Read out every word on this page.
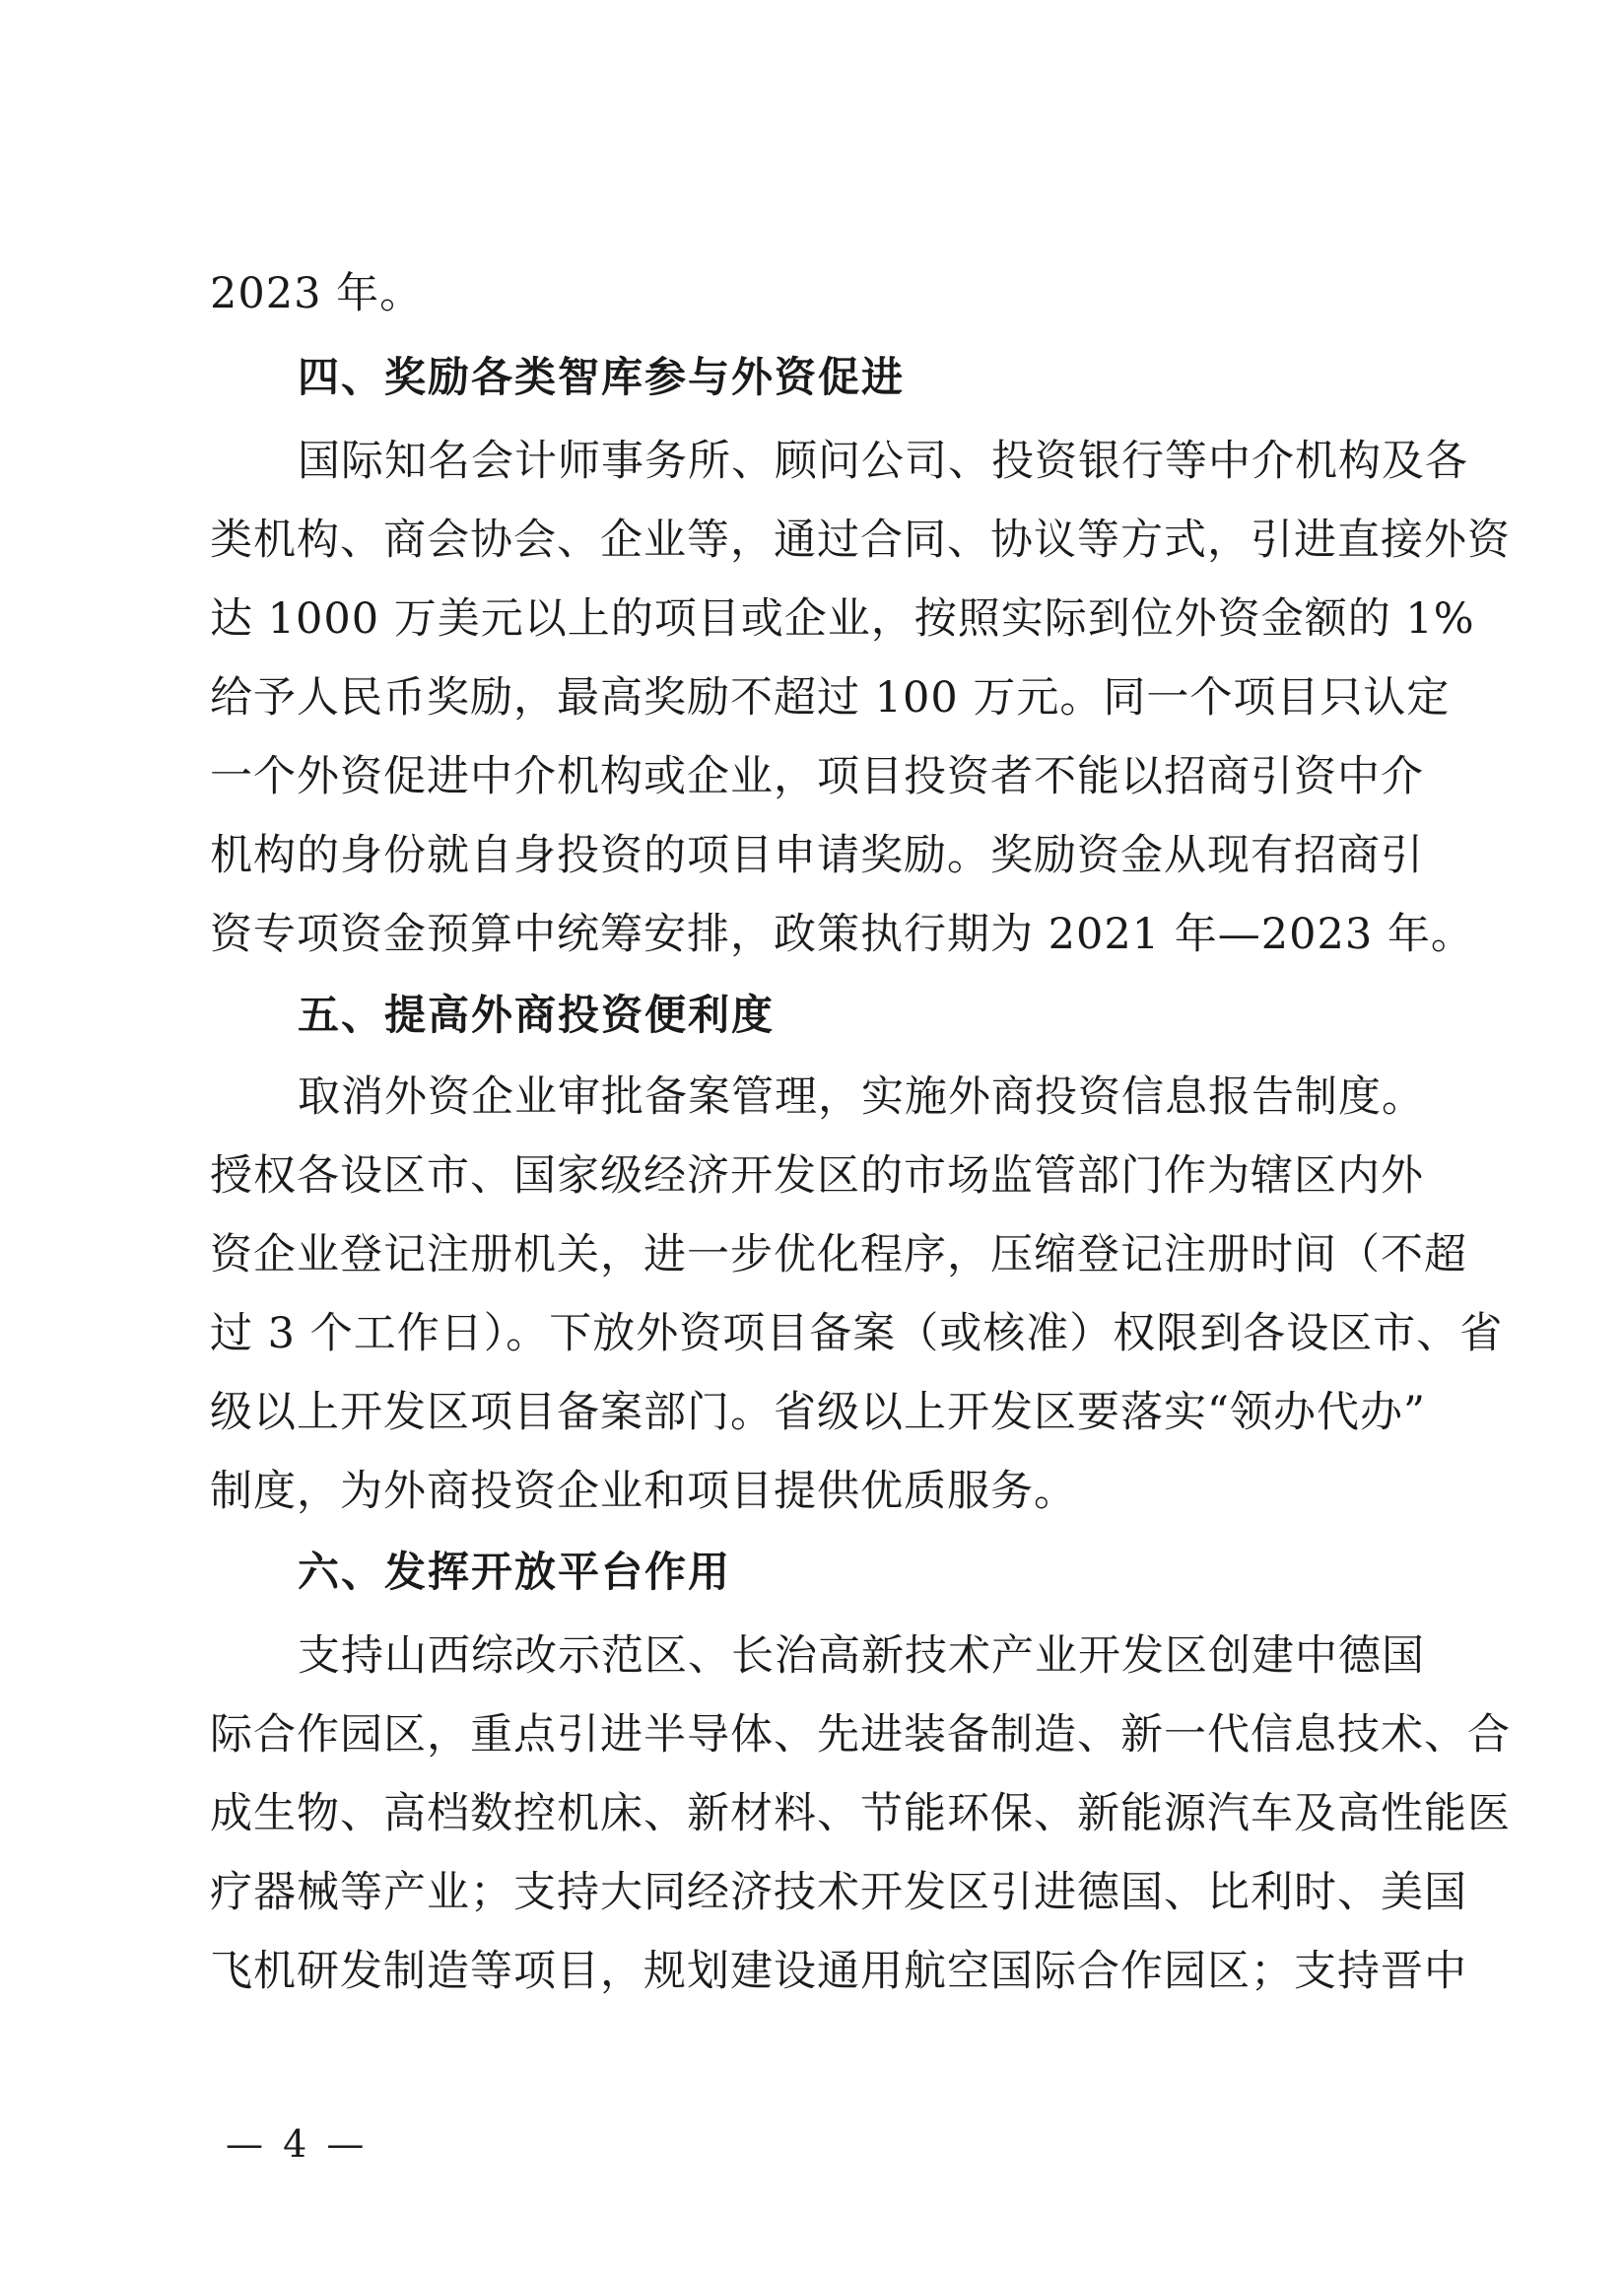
2023 年。
四、奖励各类智库参与外资促进
国际知名会计师事务所、顾问公司、投资银行等中介机构及各
类机构、商会协会、企业等，通过合同、协议等方式，引进直接外资
达 1000 万美元以上的项目或企业，按照实际到位外资金额的 1%
给予人民币奖励，最高奖励不超过 100 万元。同一个项目只认定
一个外资促进中介机构或企业，项目投资者不能以招商引资中介
机构的身份就自身投资的项目申请奖励。奖励资金从现有招商引
资专项资金预算中统筹安排，政策执行期为 2021 年—2023 年。
五、提高外商投资便利度
取消外资企业审批备案管理，实施外商投资信息报告制度。
授权各设区市、国家级经济开发区的市场监管部门作为辖区内外
资企业登记注册机关，进一步优化程序，压缩登记注册时间（不超
过 3 个工作日）。下放外资项目备案（或核准）权限到各设区市、省
级以上开发区项目备案部门。省级以上开发区要落实“领办代办”
制度，为外商投资企业和项目提供优质服务。
六、发挥开放平台作用
支持山西综改示范区、长治高新技术产业开发区创建中德国
际合作园区，重点引进半导体、先进装备制造、新一代信息技术、合
成生物、高档数控机床、新材料、节能环保、新能源汽车及高性能医
疗器械等产业；支持大同经济技术开发区引进德国、比利时、美国
飞机研发制造等项目，规划建设通用航空国际合作园区；支持晋中
— 4 —
